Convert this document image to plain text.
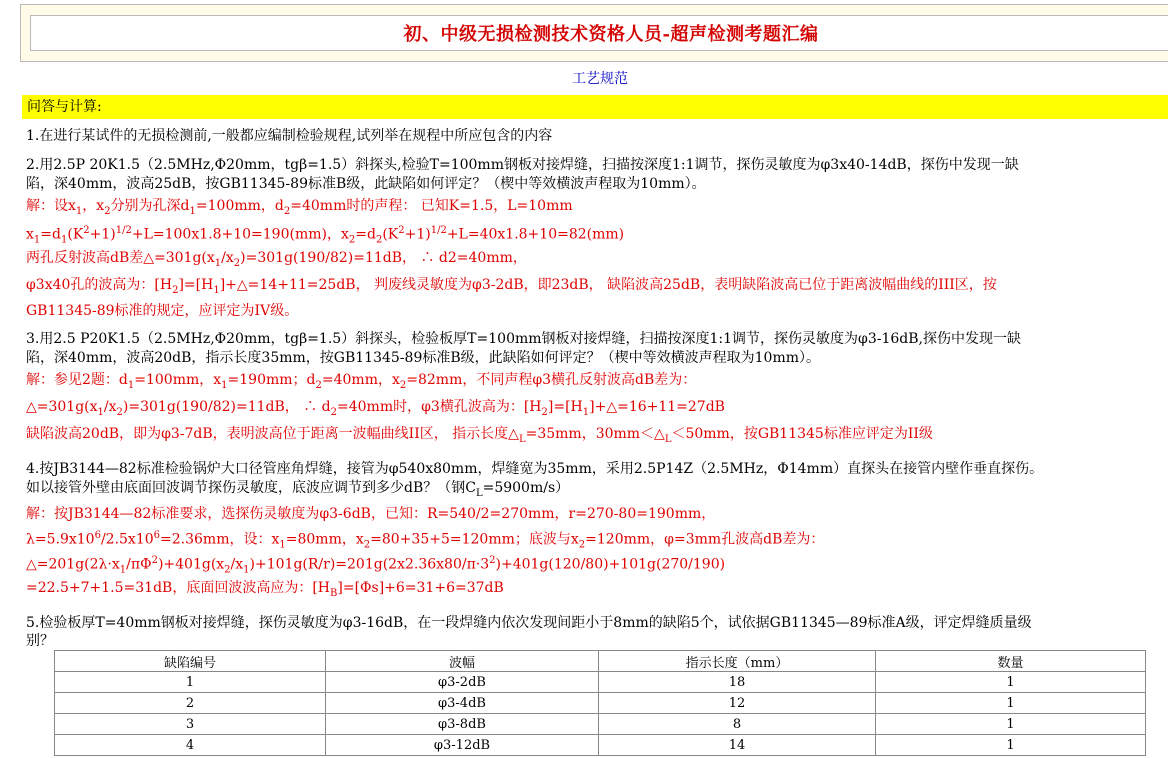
初、中级无损检测技术资格人员-超声检测考题汇编
工艺规范
问答与计算:
1.在进行某试件的无损检测前,一般都应编制检验规程,试列举在规程中所应包含的内容
2.用2.5P 20K1.5（2.5MHz,Φ20mm，tgβ=1.5）斜探头,检验T=100mm钢板对接焊缝，扫描按深度1:1调节，探伤灵敏度为φ3x40-14dB，探伤中发现一缺
陷，深40mm，波高25dB，按GB11345-89标准B级，此缺陷如何评定？（楔中等效横波声程取为10mm）。
解：设$x_1$，$x_2$分别为孔深$d_1=100mm$，$d_2=40mm$时的声程： 已知K=1.5，L=10mm
$x_1=d_1(K^2+1)^{1/2}+L=100x1.8+10=190(mm)$，$x_2=d_2(K^2+1)^{1/2}+L=40x1.8+10=82(mm)$
两孔反射波高dB差$\triangle=301g(x_1/x_2)=301g(190/82)=11dB$， ∴ d2=40mm，
φ3x40孔的波高为：$[H_2]=[H_1]+\triangle=14+11=25dB$， 判废线灵敏度为φ3-2dB，即23dB， 缺陷波高25dB，表明缺陷波高已位于距离波幅曲线的III区，按
GB11345-89标准的规定，应评定为IV级。
3.用2.5 P20K1.5（2.5MHz,Φ20mm，tgβ=1.5）斜探头，检验板厚T=100mm钢板对接焊缝，扫描按深度1:1调节，探伤灵敏度为φ3-16dB,探伤中发现一缺
陷，深40mm，波高20dB，指示长度35mm，按GB11345-89标准B级，此缺陷如何评定？（楔中等效横波声程取为10mm）。
解：参见2题：$d_1=100mm$，$x_1=190mm$；$d_2=40mm$，$x_2=82mm$，不同声程φ3横孔反射波高dB差为：
$\triangle=301g(x_1/x_2)=301g(190/82)=11dB$， ∴ $d_2=40mm$时，φ3横孔波高为：$[H_2]=[H_1]+\triangle=16+11=27dB$
缺陷波高20dB，即为φ3-7dB，表明波高位于距离一波幅曲线II区， 指示长度$\triangle_L=35mm$，$30mm<\triangle_L<50mm$，按GB11345标准应评定为II级
4.按JB3144—82标准检验锅炉大口径管座角焊缝，接管为φ540x80mm，焊缝宽为35mm，采用2.5P14Z（2.5MHz，Φ14mm）直探头在接管内壁作垂直探伤。
如以接管外壁由底面回波调节探伤灵敏度，底波应调节到多少dB？（钢$C_L=5900m/s$）
解：按JB3144—82标准要求，选探伤灵敏度为φ3-6dB，已知：R=540/2=270mm，r=270-80=190mm，
$\lambda=5.9x10^6/2.5x10^6=2.36mm$，设：$x_1=80mm$，$x_2=80+35+5=120mm$；底波与$x_2=120mm$，φ=3mm孔波高dB差为：
$\triangle=201g(2\lambda\cdot x_1/\pi\Phi^2)+401g(x_2/x_1)+101g(R/r)=201g(2x2.36x80/\pi\cdot 3^2)+401g(120/80)+101g(270/190)$
=22.5+7+1.5=31dB，底面回波波高应为：$[H_B]=[\Phi s]+6=31+6=37dB$
5.检验板厚T=40mm钢板对接焊缝，探伤灵敏度为φ3-16dB，在一段焊缝内依次发现间距小于8mm的缺陷5个，试依据GB11345—89标准A级，评定焊缝质量级
别？
缺陷编号	波幅	指示长度（mm）	数量
1	φ3-2dB	18	1
2	φ3-4dB	12	1
3	φ3-8dB	8	1
4	φ3-12dB	14	1
